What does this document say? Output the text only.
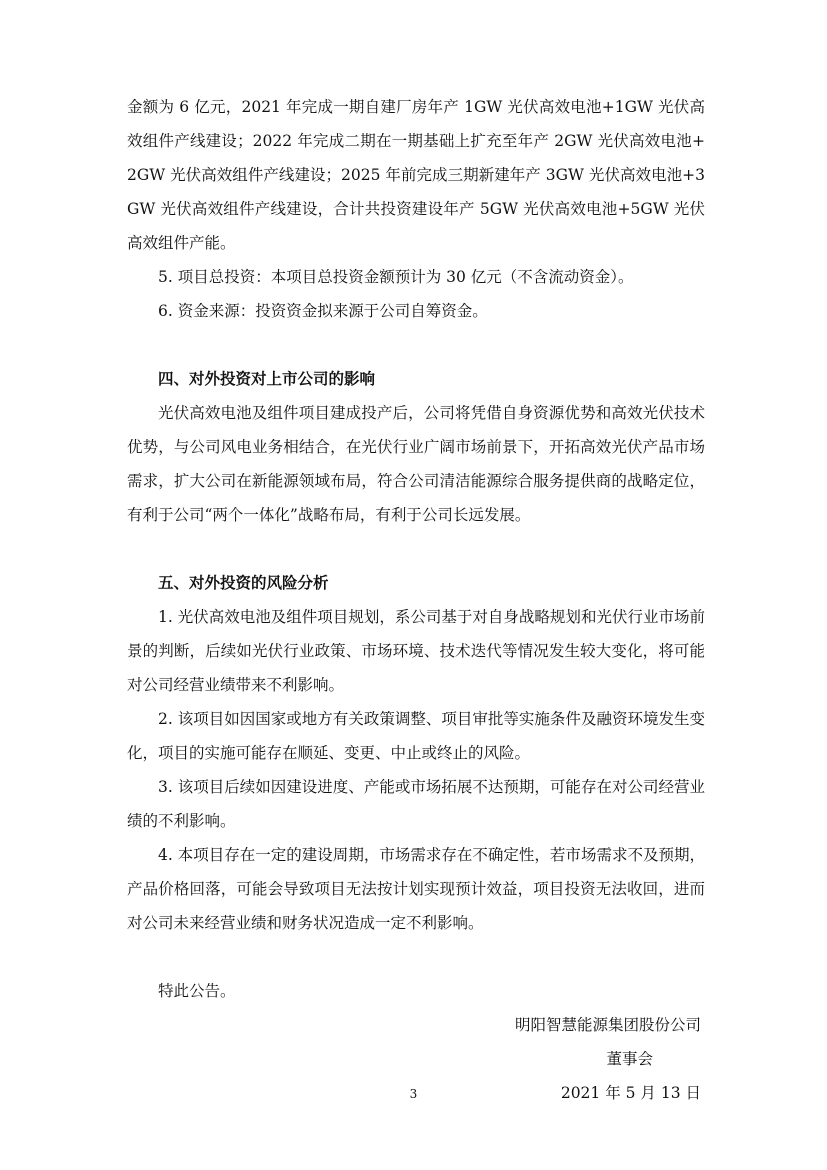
金额为 6 亿元，2021 年完成一期自建厂房年产 1GW 光伏高效电池+1GW 光伏高效组件产线建设；2022 年完成二期在一期基础上扩充至年产 2GW 光伏高效电池+2GW 光伏高效组件产线建设；2025 年前完成三期新建年产 3GW 光伏高效电池+3GW 光伏高效组件产线建设，合计共投资建设年产 5GW 光伏高效电池+5GW 光伏高效组件产能。

5. 项目总投资：本项目总投资金额预计为 30 亿元（不含流动资金）。

6. 资金来源：投资资金拟来源于公司自筹资金。

四、对外投资对上市公司的影响

光伏高效电池及组件项目建成投产后，公司将凭借自身资源优势和高效光伏技术优势，与公司风电业务相结合，在光伏行业广阔市场前景下，开拓高效光伏产品市场需求，扩大公司在新能源领域布局，符合公司清洁能源综合服务提供商的战略定位，有利于公司“两个一体化”战略布局，有利于公司长远发展。

五、对外投资的风险分析

1. 光伏高效电池及组件项目规划，系公司基于对自身战略规划和光伏行业市场前景的判断，后续如光伏行业政策、市场环境、技术迭代等情况发生较大变化，将可能对公司经营业绩带来不利影响。

2. 该项目如因国家或地方有关政策调整、项目审批等实施条件及融资环境发生变化，项目的实施可能存在顺延、变更、中止或终止的风险。

3. 该项目后续如因建设进度、产能或市场拓展不达预期，可能存在对公司经营业绩的不利影响。

4. 本项目存在一定的建设周期，市场需求存在不确定性，若市场需求不及预期，产品价格回落，可能会导致项目无法按计划实现预计效益，项目投资无法收回，进而对公司未来经营业绩和财务状况造成一定不利影响。

特此公告。

明阳智慧能源集团股份公司

董事会

2021 年 5 月 13 日

3
